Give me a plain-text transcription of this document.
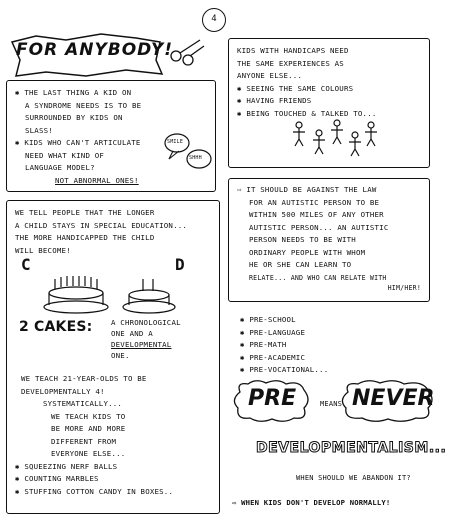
4
FOR ANYBODY!
✱ THE LAST THING A KID ON
A SYNDROME NEEDS IS TO BE
SURROUNDED BY KIDS ON
SLASS!
✱ KIDS WHO CAN'T ARTICULATE
NEED WHAT KIND OF
LANGUAGE MODEL?
NOT ABNORMAL ONES!
SMILE
SHHH
KIDS WITH HANDICAPS NEED
THE SAME EXPERIENCES AS
ANYONE ELSE...
✱ SEEING THE SAME COLOURS
✱ HAVING FRIENDS
✱ BEING TOUCHED & TALKED TO...
⇨ IT SHOULD BE AGAINST THE LAW
FOR AN AUTISTIC PERSON TO BE
WITHIN 500 MILES OF ANY OTHER
AUTISTIC PERSON... AN AUTISTIC
PERSON NEEDS TO BE WITH
ORDINARY PEOPLE WITH WHOM
HE OR SHE CAN LEARN TO
RELATE... AND WHO CAN RELATE WITH
HIM/HER!
WE TELL PEOPLE THAT THE LONGER
A CHILD STAYS IN SPECIAL EDUCATION...
THE MORE HANDICAPPED THE CHILD
WILL BECOME!
C	D
2 CAKES:	A CHRONOLOGICAL
ONE AND A
DEVELOPMENTAL
ONE.
WE TEACH 21-YEAR-OLDS TO BE
DEVELOPMENTALLY 4!
SYSTEMATICALLY...
WE TEACH KIDS TO
BE MORE AND MORE
DIFFERENT FROM
EVERYONE ELSE...
✱ SQUEEZING NERF BALLS
✱ COUNTING MARBLES
✱ STUFFING COTTON CANDY IN BOXES..
✱ PRE-SCHOOL
✱ PRE-LANGUAGE
✱ PRE-MATH
✱ PRE-ACADEMIC
✱ PRE-VOCATIONAL...
PRE	MEANS NEVER
DEVELOPMENTALISM...
WHEN SHOULD WE ABANDON IT?
⇨ WHEN KIDS DON'T DEVELOP NORMALLY!
